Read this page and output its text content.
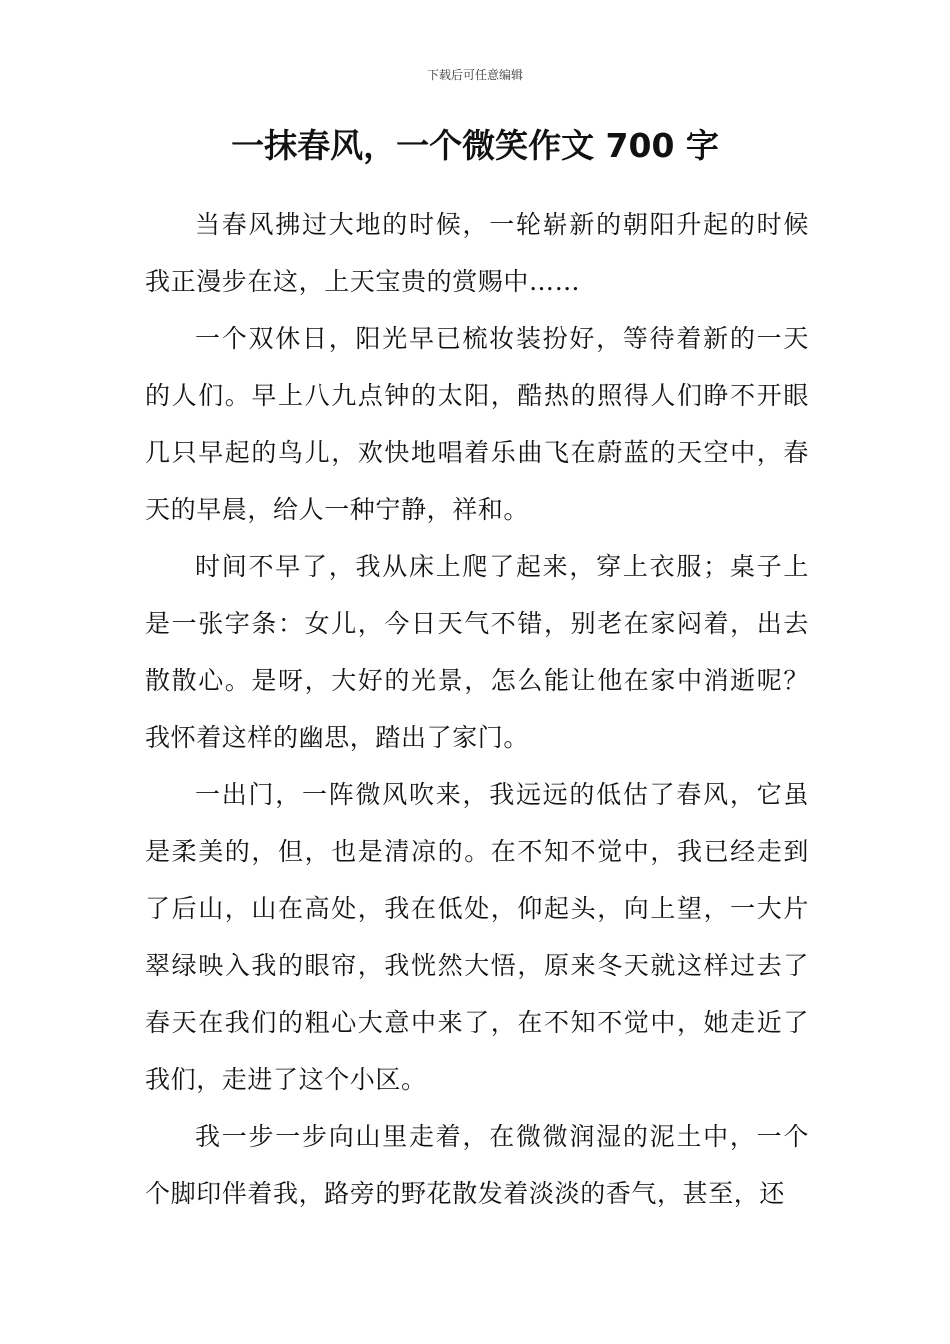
下载后可任意编辑
一抹春风，一个微笑作文 700 字

当春风拂过大地的时候，一轮崭新的朝阳升起的时候我正漫步在这，上天宝贵的赏赐中……

一个双休日，阳光早已梳妆装扮好，等待着新的一天的人们。早上八九点钟的太阳，酷热的照得人们睁不开眼几只早起的鸟儿，欢快地唱着乐曲飞在蔚蓝的天空中，春天的早晨，给人一种宁静，祥和。

时间不早了，我从床上爬了起来，穿上衣服；桌子上是一张字条：女儿，今日天气不错，别老在家闷着，出去散散心。是呀，大好的光景，怎么能让他在家中消逝呢？我怀着这样的幽思，踏出了家门。

一出门，一阵微风吹来，我远远的低估了春风，它虽是柔美的，但，也是清凉的。在不知不觉中，我已经走到了后山，山在高处，我在低处，仰起头，向上望，一大片翠绿映入我的眼帘，我恍然大悟，原来冬天就这样过去了春天在我们的粗心大意中来了，在不知不觉中，她走近了我们，走进了这个小区。

我一步一步向山里走着，在微微润湿的泥土中，一个个脚印伴着我，路旁的野花散发着淡淡的香气，甚至，还
